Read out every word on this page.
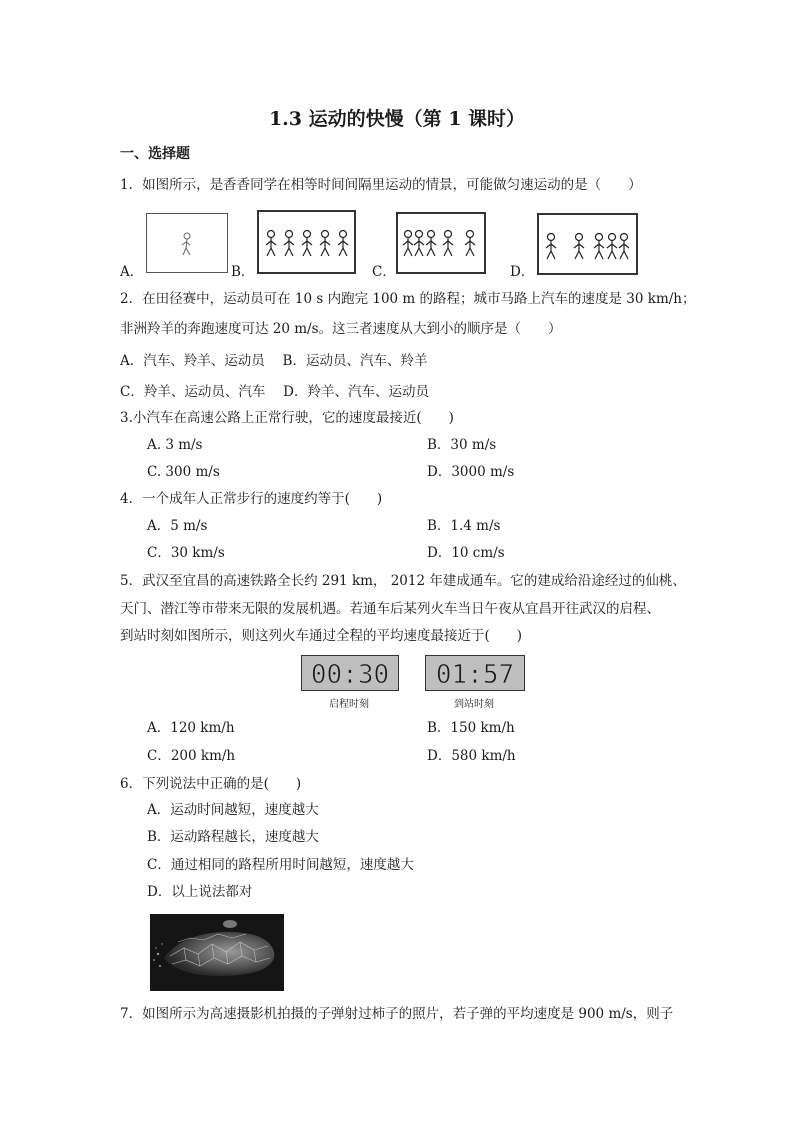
1.3 运动的快慢（第 1 课时）
一、选择题
1．如图所示，是香香同学在相等时间间隔里运动的情景，可能做匀速运动的是（　　）
A．	B．	C．	D．
2．在田径赛中，运动员可在 10 s 内跑完 100 m 的路程；城市马路上汽车的速度是 30 km/h；
非洲羚羊的奔跑速度可达 20 m/s。这三者速度从大到小的顺序是（　　）
A．汽车、羚羊、运动员　 B．运动员、汽车、羚羊
C．羚羊、运动员、汽车　 D．羚羊、汽车、运动员
3.小汽车在高速公路上正常行驶，它的速度最接近(　　)
A. 3 m/s	B．30 m/s
C. 300 m/s	D．3000 m/s
4．一个成年人正常步行的速度约等于(　　)
A．5 m/s	B．1.4 m/s
C．30 km/s	D．10 cm/s
5．武汉至宜昌的高速铁路全长约 291 km， 2012 年建成通车。它的建成给沿途经过的仙桃、
天门、潜江等市带来无限的发展机遇。若通车后某列火车当日午夜从宜昌开往武汉的启程、
到站时刻如图所示，则这列火车通过全程的平均速度最接近于(　　)
00:30
启程时刻
01:57
到站时刻
A．120 km/h	B．150 km/h
C．200 km/h	D．580 km/h
6．下列说法中正确的是(　　)
A．运动时间越短，速度越大
B．运动路程越长，速度越大
C．通过相同的路程所用时间越短，速度越大
D．以上说法都对
7．如图所示为高速摄影机拍摄的子弹射过柿子的照片，若子弹的平均速度是 900 m/s，则子
